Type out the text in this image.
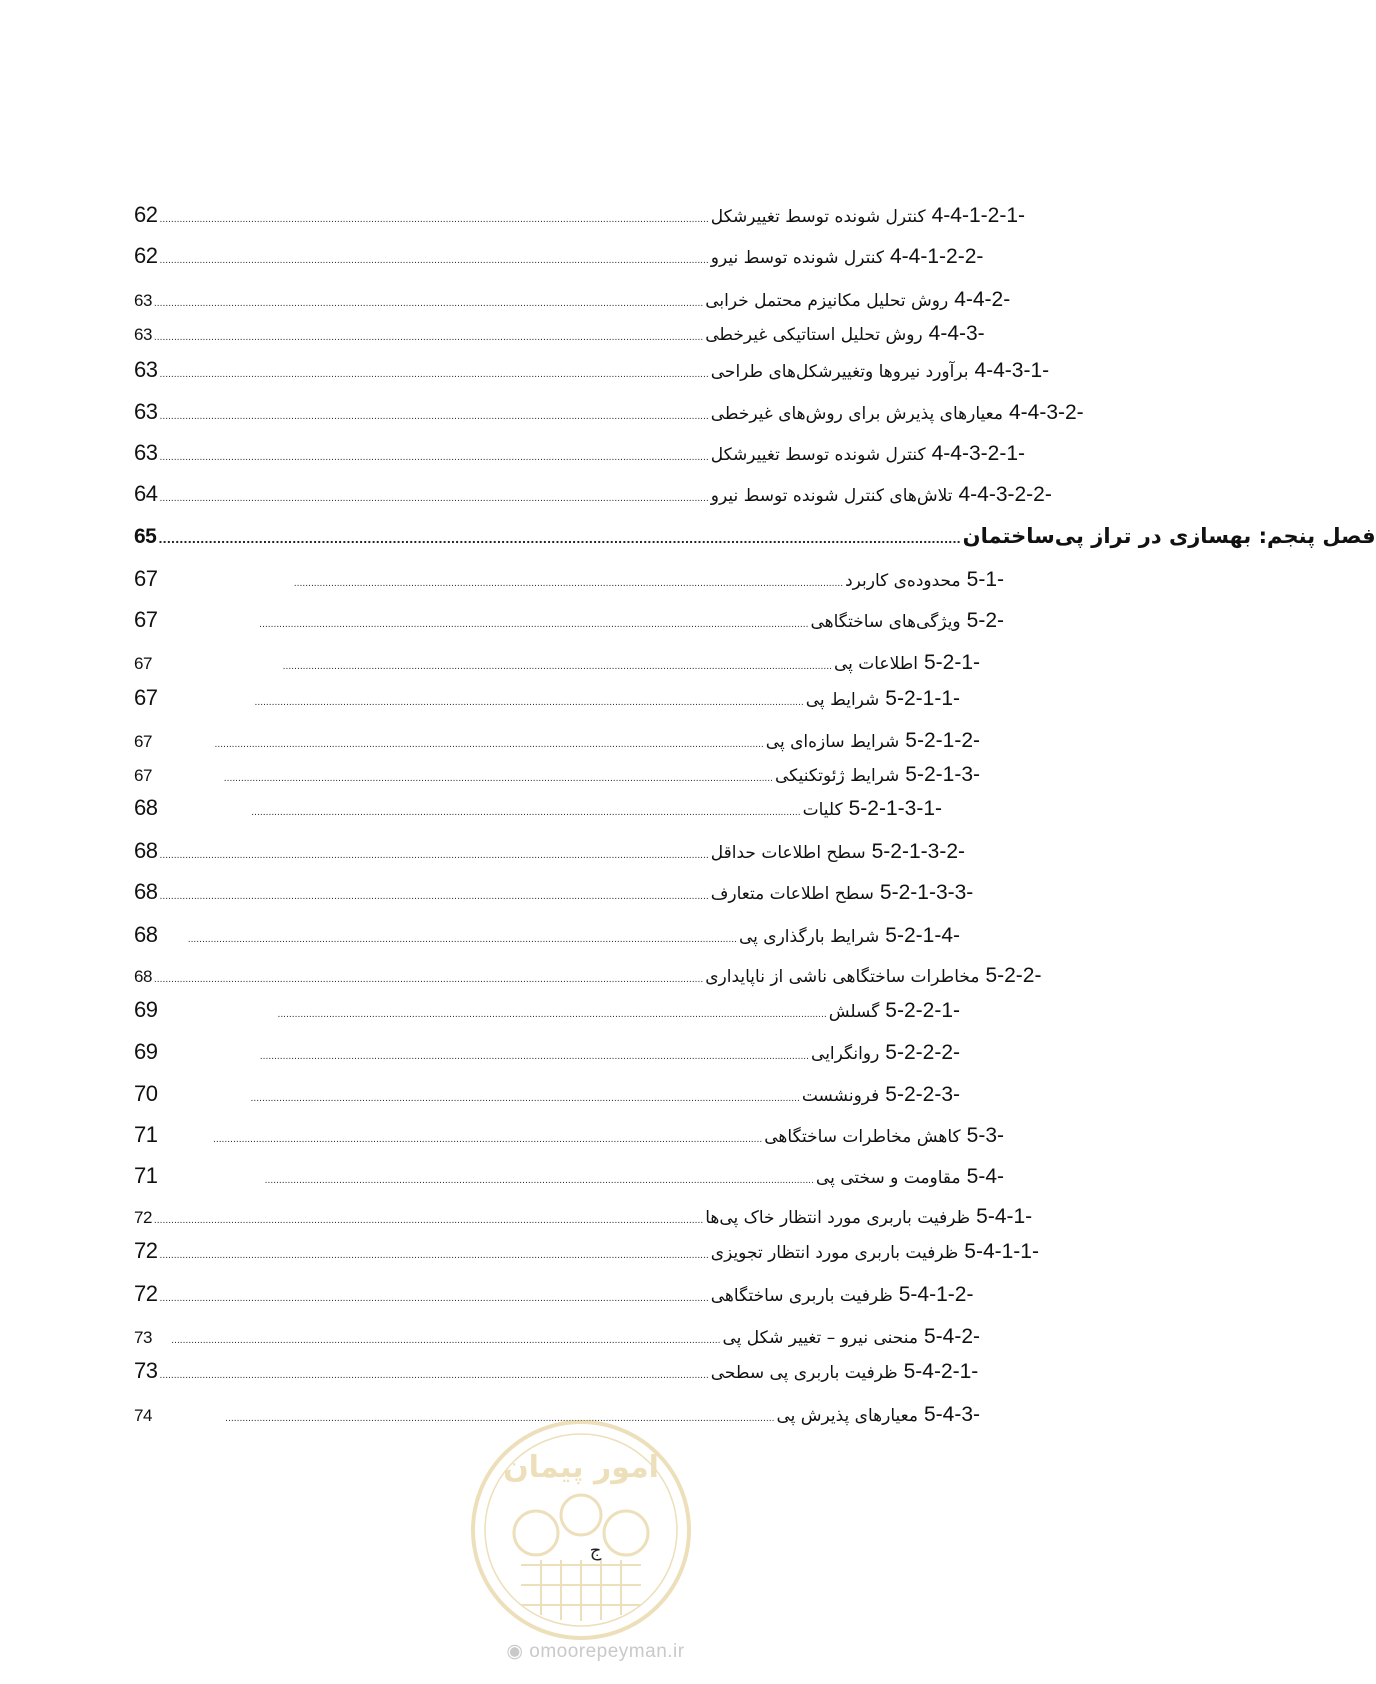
62 ................................................................................................................................................................................................ کنترل شونده توسط تغییرشکل 4-4-1-2-1-
62 ................................................................................................................................................................................................ کنترل شونده توسط نیرو 4-4-1-2-2-
63 ................................................................................................................................................................................................ روش تحلیل مکانیزم محتمل خرابی 4-4-2-
63 ................................................................................................................................................................................................ روش تحلیل استاتیکی غیرخطی 4-4-3-
63 ................................................................................................................................................................................................ برآورد نیروها وتغییرشکل‌های طراحی 4-4-3-1-
63 ................................................................................................................................................................................................ معیارهای پذیرش برای روش‌های غیرخطی 4-4-3-2-
63 ................................................................................................................................................................................................ کنترل شونده توسط تغییرشکل 4-4-3-2-1-
64 ................................................................................................................................................................................................ تلاش‌های کنترل شونده توسط نیرو 4-4-3-2-2-
65 ................................................................................................................................................................................................ فصل پنجم: بهسازی در تراز پی‌ساختمان
67	................................................................................................................................................................................................ محدوده‌ی کاربرد 5-1-
67	................................................................................................................................................................................................ ویژگی‌های ساختگاهی 5-2-
67	................................................................................................................................................................................................ اطلاعات پی 5-2-1-
67	................................................................................................................................................................................................ شرایط پی 5-2-1-1-
67	................................................................................................................................................................................................ شرایط سازه‌ای پی 5-2-1-2-
67	................................................................................................................................................................................................ شرایط ژئوتکنیکی 5-2-1-3-
68	................................................................................................................................................................................................ کلیات 5-2-1-3-1-
68 ................................................................................................................................................................................................ سطح اطلاعات حداقل 5-2-1-3-2-
68 ................................................................................................................................................................................................ سطح اطلاعات متعارف 5-2-1-3-3-
68	................................................................................................................................................................................................ شرایط بارگذاری پی 5-2-1-4-
68 ................................................................................................................................................................................................ مخاطرات ساختگاهی ناشی از ناپایداری 5-2-2-
69	................................................................................................................................................................................................ گسلش 5-2-2-1-
69	................................................................................................................................................................................................ روانگرایی 5-2-2-2-
70	................................................................................................................................................................................................ فرونشست 5-2-2-3-
71	................................................................................................................................................................................................ کاهش مخاطرات ساختگاهی 5-3-
71	................................................................................................................................................................................................ مقاومت و سختی پی 5-4-
72 ................................................................................................................................................................................................ ظرفیت باربری مورد انتظار خاک پی‌ها 5-4-1-
72 ................................................................................................................................................................................................ ظرفیت باربری مورد انتظار تجویزی 5-4-1-1-
72 ................................................................................................................................................................................................ ظرفیت باربری ساختگاهی 5-4-1-2-
73	................................................................................................................................................................................................ منحنی نیرو – تغییر شکل پی 5-4-2-
73 ................................................................................................................................................................................................ ظرفیت باربری پی سطحی 5-4-2-1-
74	................................................................................................................................................................................................ معیارهای پذیرش پی 5-4-3-
امور پیمان
ج
◉ omoorepeyman.ir
